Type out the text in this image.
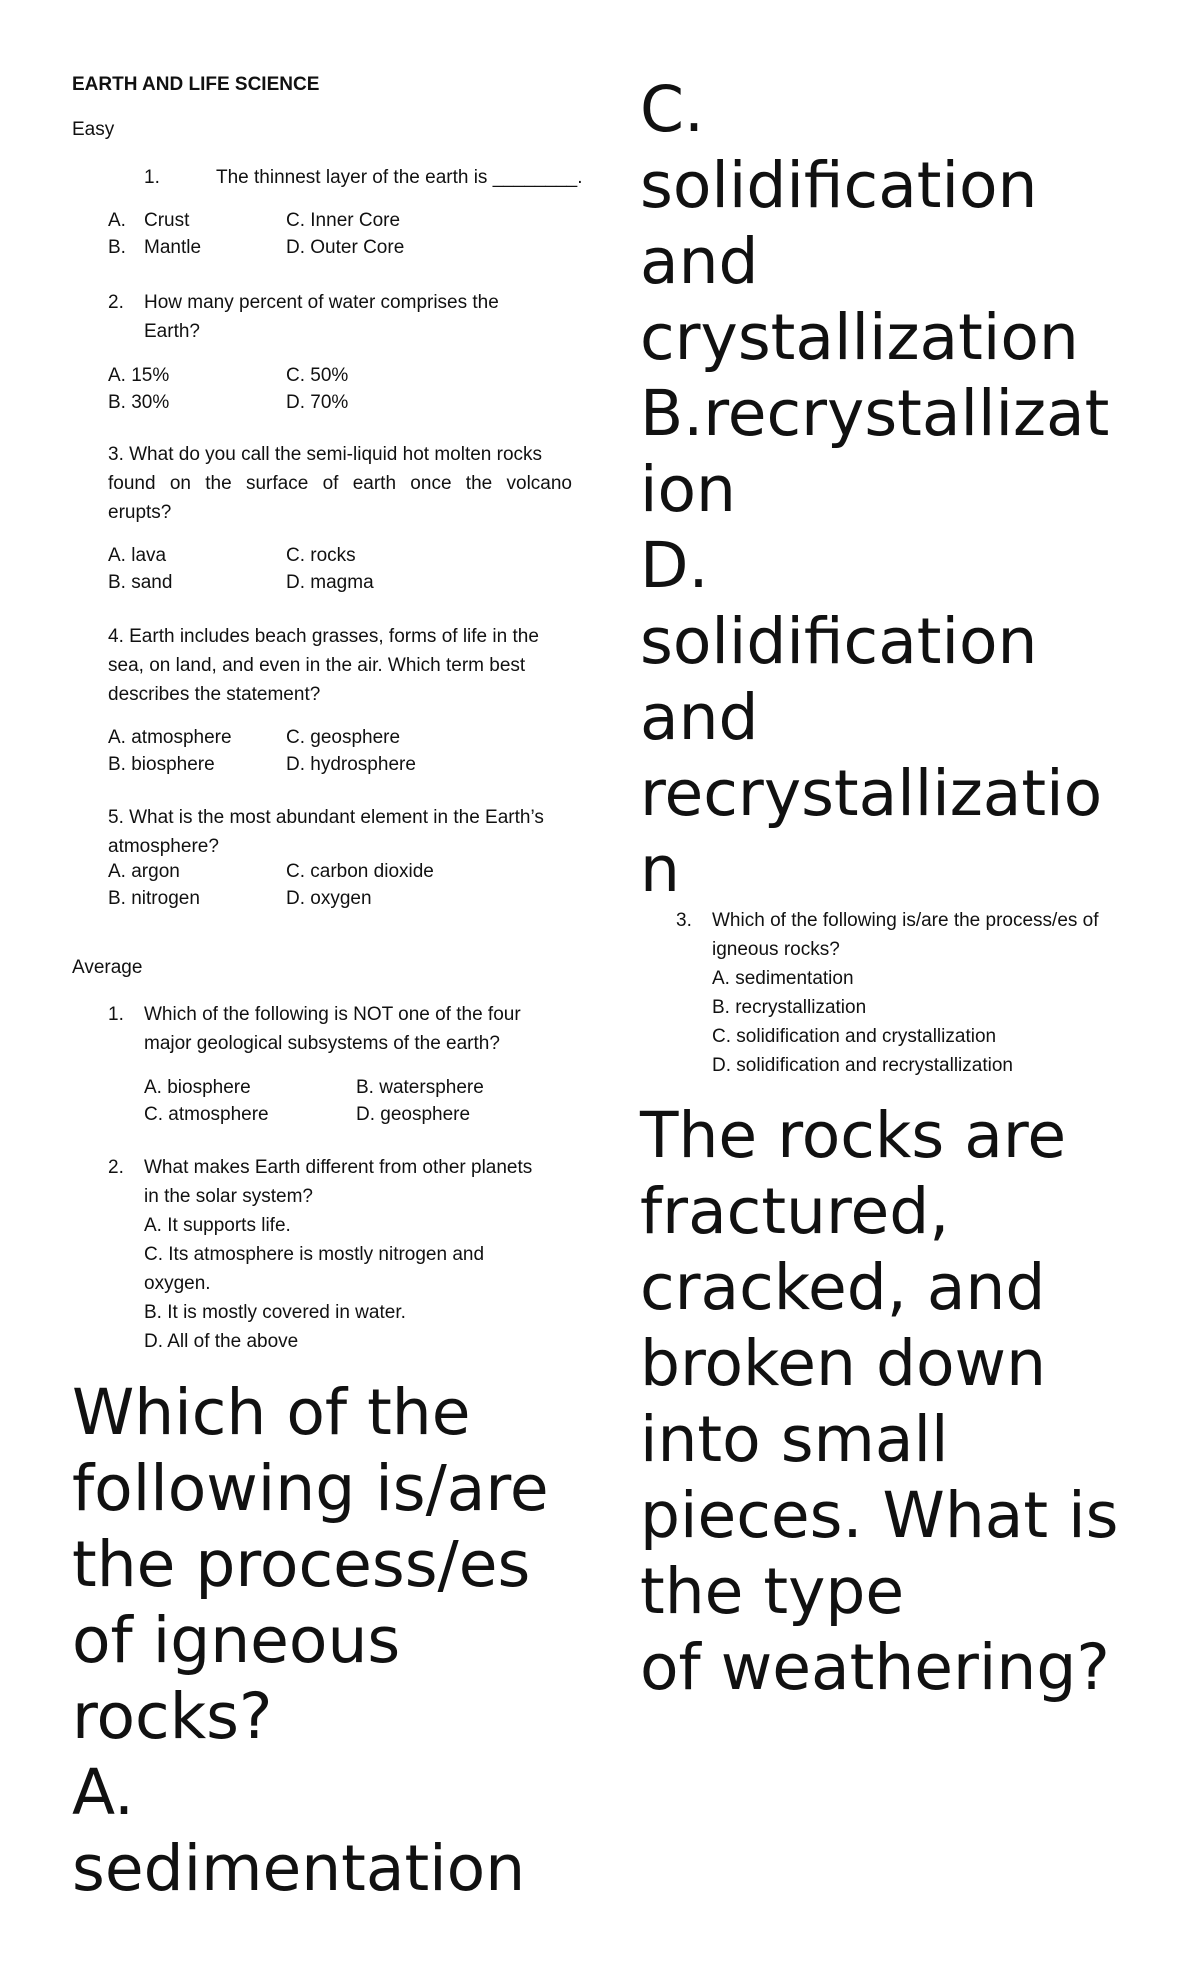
EARTH AND LIFE SCIENCE
Easy
1.	The thinnest layer of the earth is ________.
A. Crust
B. Mantle
C. Inner Core
D. Outer Core
2. How many percent of water comprises the
Earth?
A. 15%
B. 30%
C. 50%
D. 70%
3. What do you call the semi-liquid hot molten rocks
found on the surface of earth once the volcano
erupts?
A. lava
B. sand
C. rocks
D. magma
4. Earth includes beach grasses, forms of life in the
sea, on land, and even in the air. Which term best
describes the statement?
A. atmosphere
B. biosphere
C. geosphere
D. hydrosphere
5. What is the most abundant element in the Earth’s
atmosphere?
A. argon
B. nitrogen
C. carbon dioxide
D. oxygen
Average
1. Which of the following is NOT one of the four
major geological subsystems of the earth?
A. biosphere
C. atmosphere
B. watersphere
D. geosphere
2. What makes Earth different from other planets
in the solar system?
A. It supports life.
C. Its atmosphere is mostly nitrogen and
oxygen.
B. It is mostly covered in water.
D. All of the above
Which of the
following is/are
the process/es
of igneous
rocks?
A.
sedimentation
C.
solidification
and
crystallization
B.recrystallizat
ion
D.
solidification
and
recrystallizatio
n
3. Which of the following is/are the process/es of
igneous rocks?
A. sedimentation
B. recrystallization
C. solidification and crystallization
D. solidification and recrystallization
The rocks are
fractured,
cracked, and
broken down
into small
pieces. What is
the type
of weathering?
